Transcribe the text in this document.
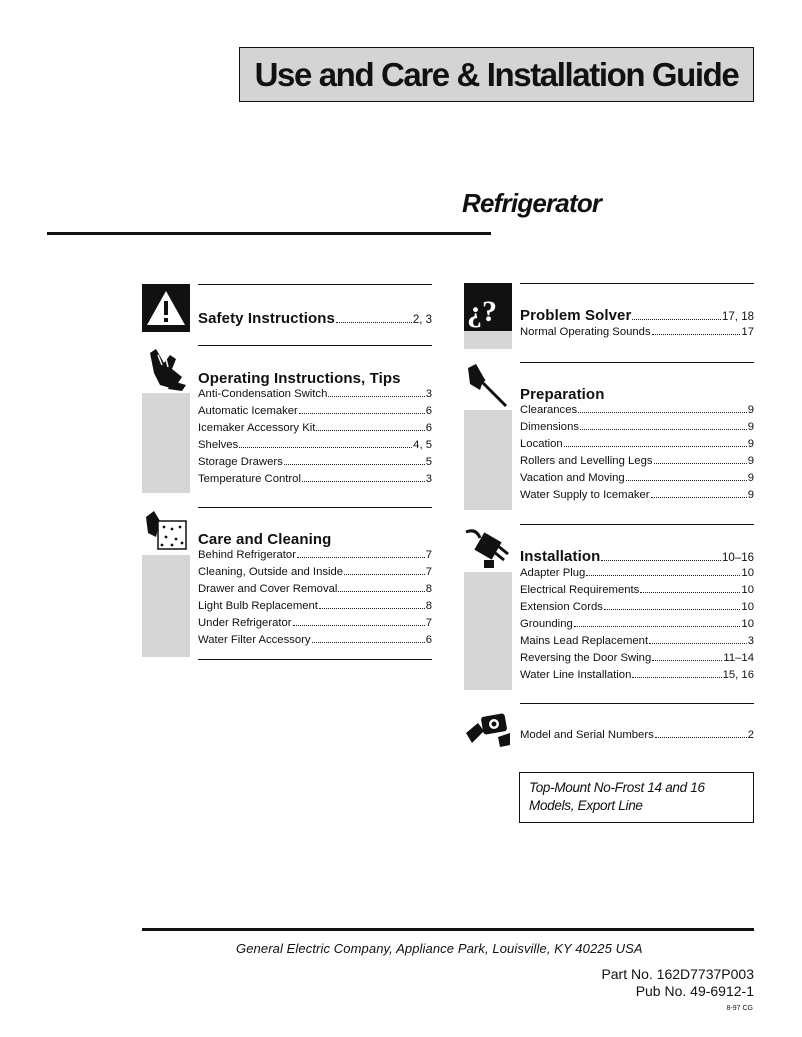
Use and Care & Installation Guide
Refrigerator
Safety Instructions	2, 3
Operating Instructions, Tips
Anti-Condensation Switch	3
Automatic Icemaker	6
Icemaker Accessory Kit	6
Shelves	4, 5
Storage Drawers	5
Temperature Control	3
Care and Cleaning
Behind Refrigerator	7
Cleaning, Outside and Inside	7
Drawer and Cover Removal	8
Light Bulb Replacement	8
Under Refrigerator	7
Water Filter Accessory	6
¿? Problem Solver	17, 18
Normal Operating Sounds	17
Preparation
Clearances	9
Dimensions	9
Location	9
Rollers and Levelling Legs	9
Vacation and Moving	9
Water Supply to Icemaker	9
Installation	10–16
Adapter Plug	10
Electrical Requirements	10
Extension Cords	10
Grounding	10
Mains Lead Replacement	3
Reversing the Door Swing	11–14
Water Line Installation	15, 16
Model and Serial Numbers	2
Top-Mount No-Frost 14 and 16
Models, Export Line
General Electric Company, Appliance Park, Louisville, KY 40225 USA
Part No. 162D7737P003
Pub No. 49-6912-1
8-97 CG
